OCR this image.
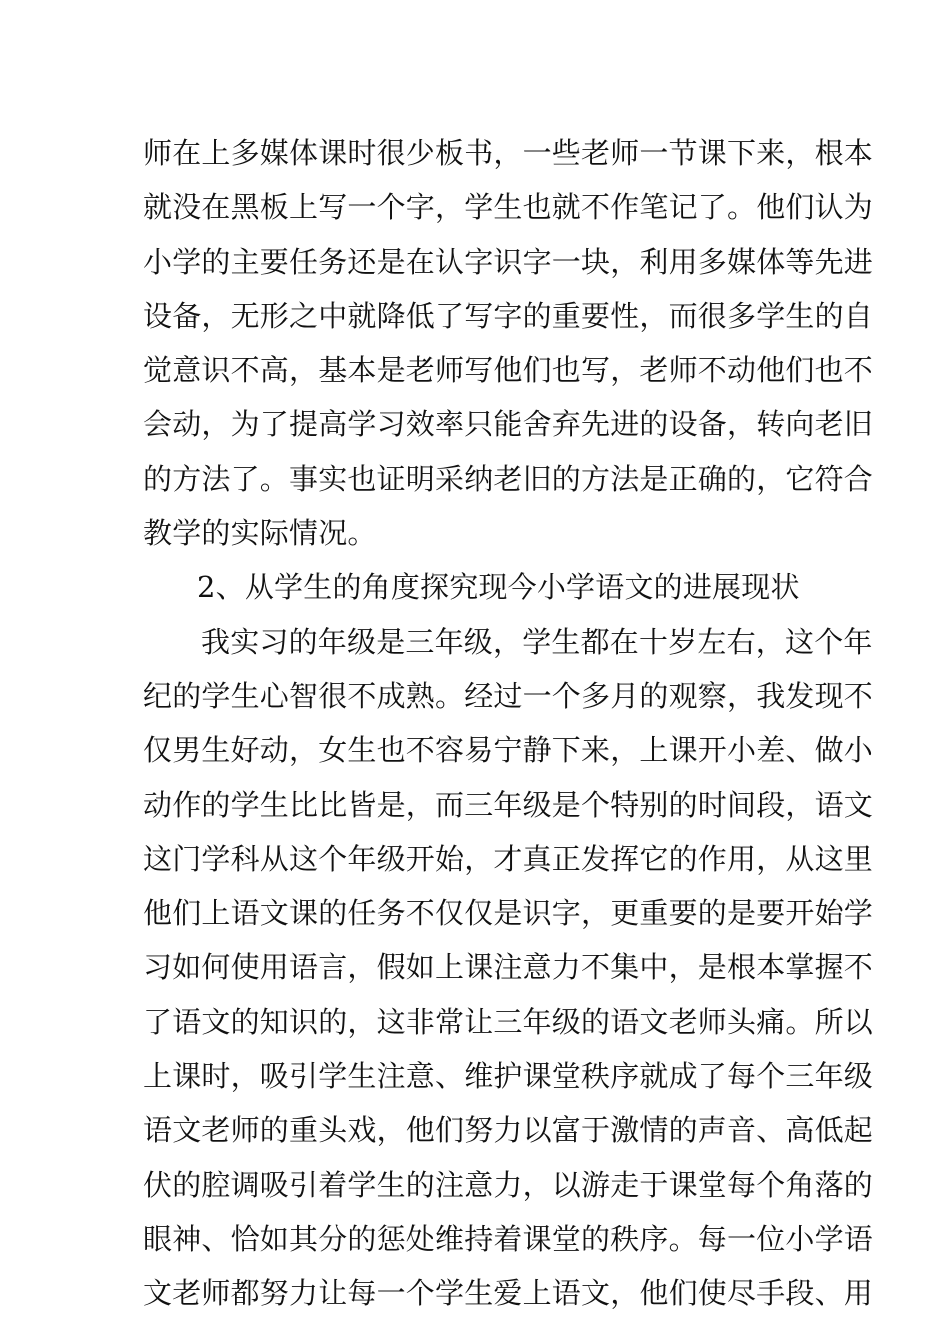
师在上多媒体课时很少板书，一些老师一节课下来，根本
就没在黑板上写一个字，学生也就不作笔记了。他们认为
小学的主要任务还是在认字识字一块，利用多媒体等先进
设备，无形之中就降低了写字的重要性，而很多学生的自
觉意识不高，基本是老师写他们也写，老师不动他们也不
会动，为了提高学习效率只能舍弃先进的设备，转向老旧
的方法了。事实也证明采纳老旧的方法是正确的，它符合
教学的实际情况。
2、从学生的角度探究现今小学语文的进展现状
我实习的年级是三年级，学生都在十岁左右，这个年
纪的学生心智很不成熟。经过一个多月的观察，我发现不
仅男生好动，女生也不容易宁静下来，上课开小差、做小
动作的学生比比皆是，而三年级是个特别的时间段，语文
这门学科从这个年级开始，才真正发挥它的作用，从这里
他们上语文课的任务不仅仅是识字，更重要的是要开始学
习如何使用语言，假如上课注意力不集中，是根本掌握不
了语文的知识的，这非常让三年级的语文老师头痛。所以
上课时，吸引学生注意、维护课堂秩序就成了每个三年级
语文老师的重头戏，他们努力以富于激情的声音、高低起
伏的腔调吸引着学生的注意力，以游走于课堂每个角落的
眼神、恰如其分的惩处维持着课堂的秩序。每一位小学语
文老师都努力让每一个学生爱上语文，他们使尽手段、用
